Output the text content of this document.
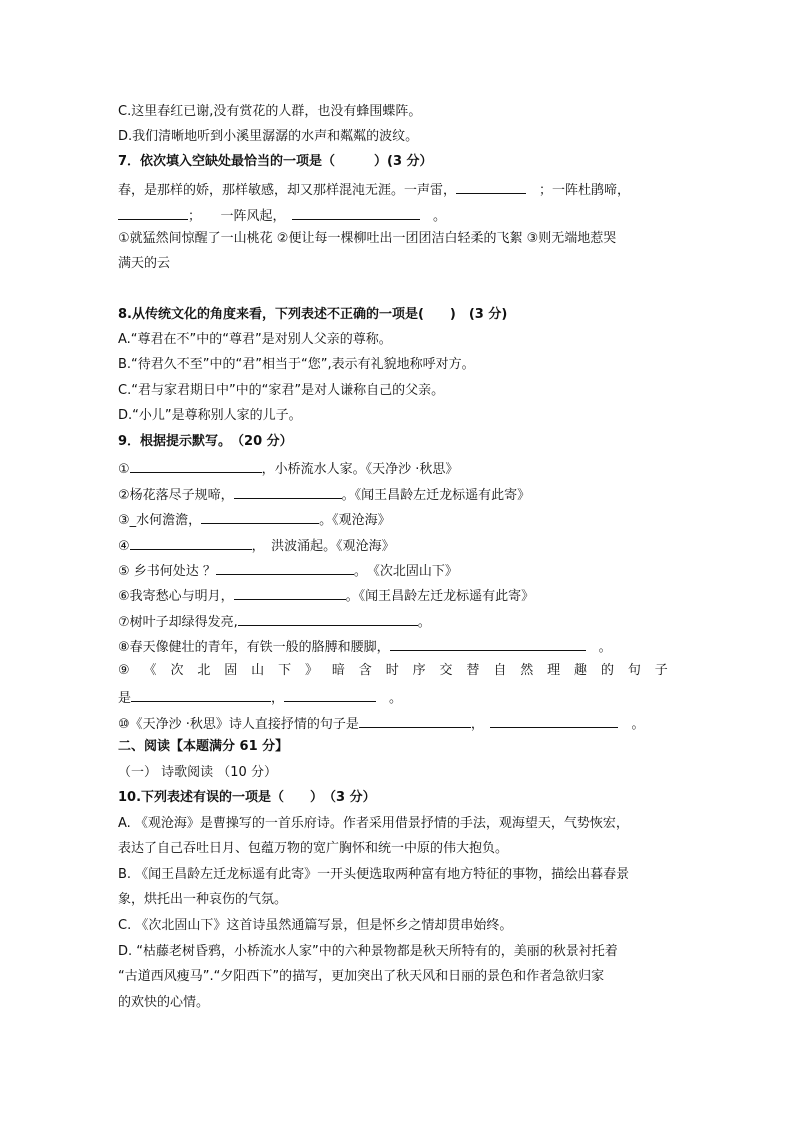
C.这里春红已谢,没有赏花的人群，也没有蜂围蝶阵。
D.我们清晰地听到小溪里潺潺的水声和粼粼的波纹。
7．依次填入空缺处最恰当的一项是（　　　）(3 分）
春，是那样的娇，那样敏感，却又那样混沌无涯。一声雷，　	；一阵杜鹃啼，
；　　一阵风起，　　	。
①就猛然间惊醒了一山桃花 ②便让每一棵柳吐出一团团洁白轻柔的飞絮 ③则无端地惹哭
满天的云
8.从传统文化的角度来看，下列表述不正确的一项是(　　)　(3 分)
A.“尊君在不”中的“尊君”是对别人父亲的尊称。
B.“待君久不至”中的“君”相当于“您”,表示有礼貌地称呼对方。
C.“君与家君期日中”中的“家君”是对人谦称自己的父亲。
D.“小儿”是尊称别人家的儿子。
9．根据提示默写。　（20 分）
①	，小桥流水人家。《天净沙 ·秋思》
②杨花落尽子规啼，	。《闻王昌龄左迁龙标遥有此寄》
③_水何澹澹，	。《观沧海》
④	，　洪波涌起。《观沧海》
⑤ 乡书何处达 ？	。　《次北固山下》
⑥我寄愁心与明月，	。《闻王昌龄左迁龙标遥有此寄》
⑦树叶子却绿得发亮,	。
⑧春天像健壮的青年，有铁一般的胳膊和腰脚，　	。
⑨ 《 次 北 固 山 下 》 暗 含 时 序 交 替 自 然 理 趣 的 句 子
是	，　	。
⑩《天净沙 ·秋思》诗人直接抒情的句子是	，　　	。
二、阅读【本题满分 61 分】
（一） 诗歌阅读 （10 分）
10.下列表述有误的一项是（　　）　（3 分）
A. 《观沧海》是曹操写的一首乐府诗。作者采用借景抒情的手法，观海望天，气势恢宏，
表达了自己吞吐日月、包蕴万物的宽广胸怀和统一中原的伟大抱负。
B. 《闻王昌龄左迁龙标遥有此寄》一开头便选取两种富有地方特征的事物，描绘出暮春景
象，烘托出一种哀伤的气氛。
C. 《次北固山下》这首诗虽然通篇写景，但是怀乡之情却贯串始终。
D. “枯藤老树昏鸦，小桥流水人家”中的六种景物都是秋天所特有的，美丽的秋景衬托着
“古道西风瘦马”.“夕阳西下”的描写，更加突出了秋天风和日丽的景色和作者急欲归家
的欢快的心情。
